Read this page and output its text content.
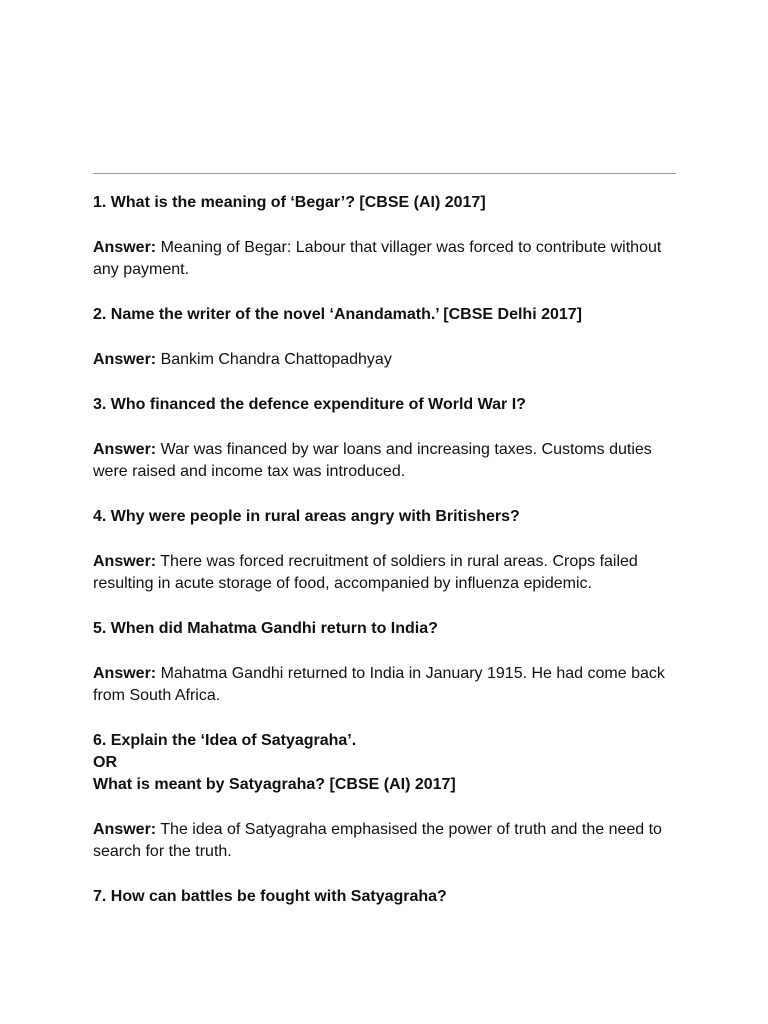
1. What is the meaning of ‘Begar’? [CBSE (AI) 2017]
Answer: Meaning of Begar: Labour that villager was forced to contribute without any payment.
2. Name the writer of the novel ‘Anandamath.’ [CBSE Delhi 2017]
Answer: Bankim Chandra Chattopadhyay
3. Who financed the defence expenditure of World War I?
Answer: War was financed by war loans and increasing taxes. Customs duties were raised and income tax was introduced.
4. Why were people in rural areas angry with Britishers?
Answer: There was forced recruitment of soldiers in rural areas. Crops failed resulting in acute storage of food, accompanied by influenza epidemic.
5. When did Mahatma Gandhi return to India?
Answer: Mahatma Gandhi returned to India in January 1915. He had come back from South Africa.
6. Explain the ‘Idea of Satyagraha’.
OR
What is meant by Satyagraha? [CBSE (AI) 2017]
Answer: The idea of Satyagraha emphasised the power of truth and the need to search for the truth.
7. How can battles be fought with Satyagraha?
